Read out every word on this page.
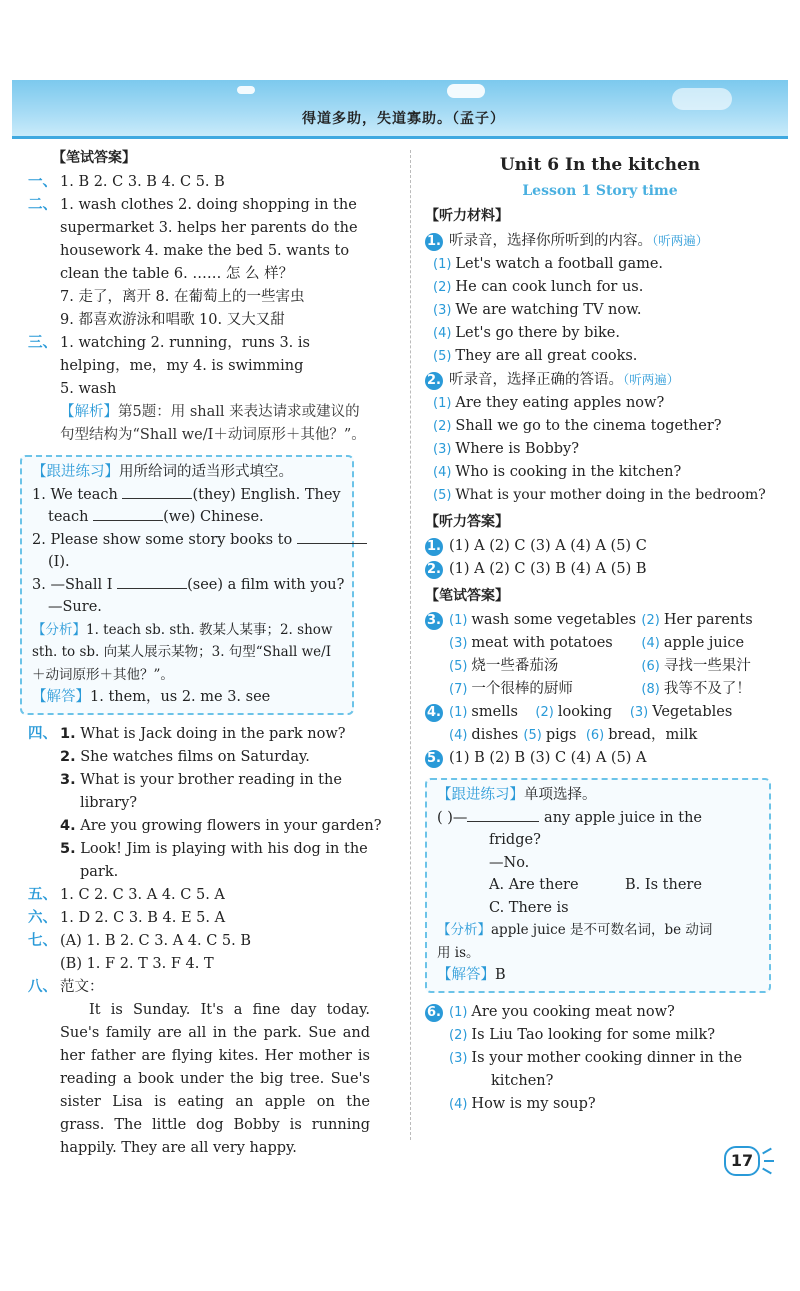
得道多助，失道寡助。（孟子）
【笔试答案】
一、 1. B 2. C 3. B 4. C 5. B
二、 1. wash clothes 2. doing shopping in the
supermarket 3. helps her parents do the
housework 4. make the bed 5. wants to
clean the table 6. …… 怎 么 样？
7. 走了，离开 8. 在葡萄上的一些害虫
9. 都喜欢游泳和唱歌 10. 又大又甜
三、 1. watching 2. running，runs 3. is
helping，me，my 4. is swimming
5. wash
【解析】第5题：用 shall 来表达请求或建议的
句型结构为“Shall we/I＋动词原形＋其他？”。
【跟进练习】用所给词的适当形式填空。
1. We teach	(they) English. They
teach	(we) Chinese.
2. Please show some story books to
(I).
3. —Shall I	(see) a film with you?
—Sure.
【分析】1. teach sb. sth. 教某人某事；2. show
sth. to sb. 向某人展示某物；3. 句型“Shall we/I
＋动词原形＋其他？”。
【解答】1. them，us 2. me 3. see
四、 1. What is Jack doing in the park now?
2. She watches films on Saturday.
3. What is your brother reading in the
library?
4. Are you growing flowers in your garden?
5. Look! Jim is playing with his dog in the
park.
五、 1. C 2. C 3. A 4. C 5. A
六、 1. D 2. C 3. B 4. E 5. A
七、 (A) 1. B 2. C 3. A 4. C 5. B
(B) 1. F 2. T 3. F 4. T
八、 范文：
It is Sunday. It's a fine day today. Sue's family are all in the park. Sue and her father are flying kites. Her mother is reading a book under the big tree. Sue's sister Lisa is eating an apple on the grass. The little dog Bobby is running happily. They are all very happy.
Unit 6 In the kitchen
Lesson 1 Story time
【听力材料】
1. 听录音，选择你所听到的内容。（听两遍）
(1) Let's watch a football game.
(2) He can cook lunch for us.
(3) We are watching TV now.
(4) Let's go there by bike.
(5) They are all great cooks.
2. 听录音，选择正确的答语。（听两遍）
(1) Are they eating apples now?
(2) Shall we go to the cinema together?
(3) Where is Bobby?
(4) Who is cooking in the kitchen?
(5) What is your mother doing in the bedroom?
【听力答案】
1. (1) A (2) C (3) A (4) A (5) C
2. (1) A (2) C (3) B (4) A (5) B
【笔试答案】
3. (1) wash some vegetables (2) Her parents
(3) meat with potatoes (4) apple juice
(5) 烧一些番茄汤	(6) 寻找一些果汁
(7) 一个很棒的厨师	(8) 我等不及了！
4. (1) smells (2) looking (3) Vegetables
(4) dishes (5) pigs (6) bread，milk
5. (1) B (2) B (3) C (4) A (5) A
【跟进练习】单项选择。
( )—	any apple juice in the
fridge?
—No.
A. Are there	B. Is there
C. There is
【分析】apple juice 是不可数名词，be 动词
用 is。
【解答】B
6. (1) Are you cooking meat now?
(2) Is Liu Tao looking for some milk?
(3) Is your mother cooking dinner in the
kitchen?
(4) How is my soup?
17
